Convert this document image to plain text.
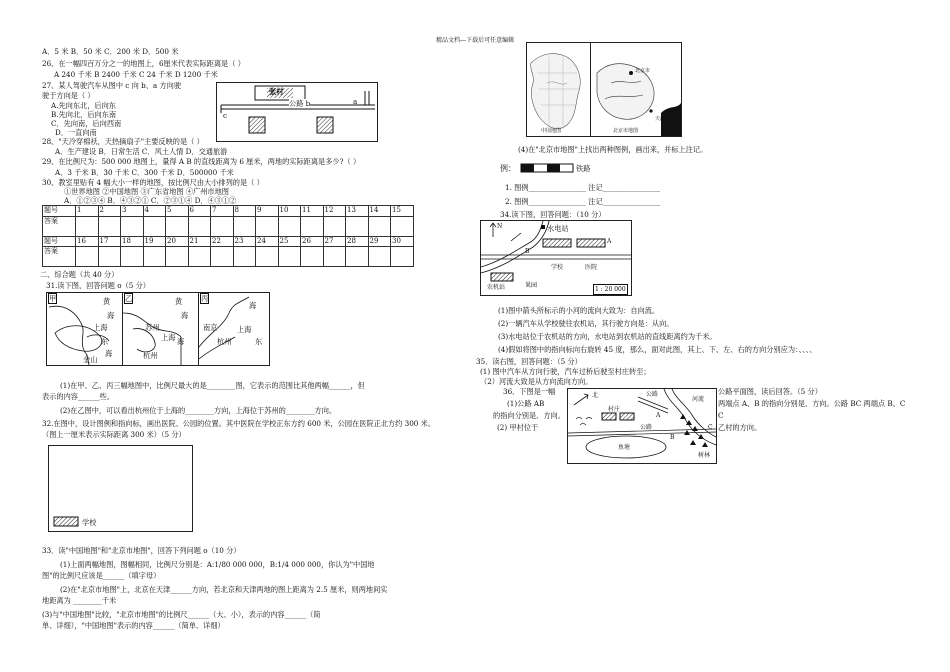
精品文档---下载后可任意编辑
A．5 米 B．50 米 C．200 米 D．500 米
26、在一幅四百万分之一的地图上，6厘米代表实际距离是（ ）
A 240 千米 B 2400 千米 C 24 千米 D 1200 千米
27、某人驾驶汽车从图中 c 向 b、a 方向驶
驶于方向是（ ）
A.先向东北，后向东
B.先向北，后向东南
C．先向南，后向西南
D．一直向南
张村
公路 b	a
c
28、"天冷穿棉袄，天热摘扇子"主要反映的是（ ）
A．生产建设 B．日常生活 C．风土人情 D．交通旅游
29、在比例尺为：500 000 地图上，量得 A B 的直线距离为 6 厘米，两地的实际距离是多少?（ ）
A．3 千米 B．30 千米 C．300 千米 D．500000 千米
30、教室里贴有 4 幅大小一样的地图，按比例尺由大小排列的是（ ）
①世界地图 ②中国地图 ③广东省地图 ④广州市地图
A．①②③④ B．④③②① C．②③①④ D．④③①②
题号	1	2	3	4	5	6	7	8	9	10	11	12	13	14	15
答案															
题号	16	17	18	19	20	21	22	23	24	25	26	27	28	29	30
答案															
二、综合题（共 40 分）
31.读下图，回答问题 o（5 分）
甲	黄
海
上海
东
海
金山
乙	黄
海
苏州
上海 海
杭州
丙
南京	上海
杭州	东
海
(1)在甲、乙、丙三幅地图中，比例尺最大的是________图，它表示的范围比其他两幅______，但
表示的内容______些。
(2)在乙图中，可以看出杭州位于上海的________方向，上海位于苏州的________方向。
32.在图中，设计图例和指向标，画出医院、公园的位置。其中医院在学校正东方约 600 米，公园在医院正北方约 300 米。
（图上一厘米表示实际距离 300 米）（5 分）
学校
33．读"中国地图"和"北京市地图"，回答下列问题 o（10 分）
(1)上面两幅地图，图幅相同，比例尺分别是：A:1/80 000 000，B:1/4 000 000，你认为"中国地
图"的比例尺应该是______（填字母）
(2)在"北京市地图"上，北京在天津______方向，若北京和天津两地的图上距离为 2.5 厘米，则两地间实
地距离为 ________千米
(3)与"中国地图"比较，"北京市地图"的比例尺______（大、小），表示的内容______（简
单、详细），"中国地图"表示的内容______（简单、详细）
中国地图
北京市
天津
北京市地图
(4)在"北京市地图"上找出两种图例，画出来，并标上注记。
例：	铁路
1. 图例________________ 注记________________
2. 图例________________ 注记________________
34.读下图，回答问题：（10 分）
N	水电站
A
B
学校	医院
农机站	果园
1 : 20 000
(1)图中箭头所标示的小河的流向大致为：自向流。
(2)一辆汽车从学校驶往农机站，其行驶方向是：从向。
(3)水电站位于农机站的方向，水电站到农机站的直线距离约为千米。
(4)假如将图中的指向标向右旋转 45 度，那么，面对此图，其上、下、左、右的方向分别应为：、、、、
35．读右图，回答问题：（5 分）
(1) 图中汽车从方向行驶，汽车过桥后驶至村庄转至；
（2）河流大致是从方向流向方向。
36．下图是一幅	公路平面图，读后回答。（5 分）
(1)公路 AB	两端点 A、B 的指向分别是、方向。公路 BC 两端点 B、C
的指向分别是、方向。	C
(2) 甲村位于	乙村的方向。
北	公路
河流
村庄
公路
鱼塘
树林
A
B
C
